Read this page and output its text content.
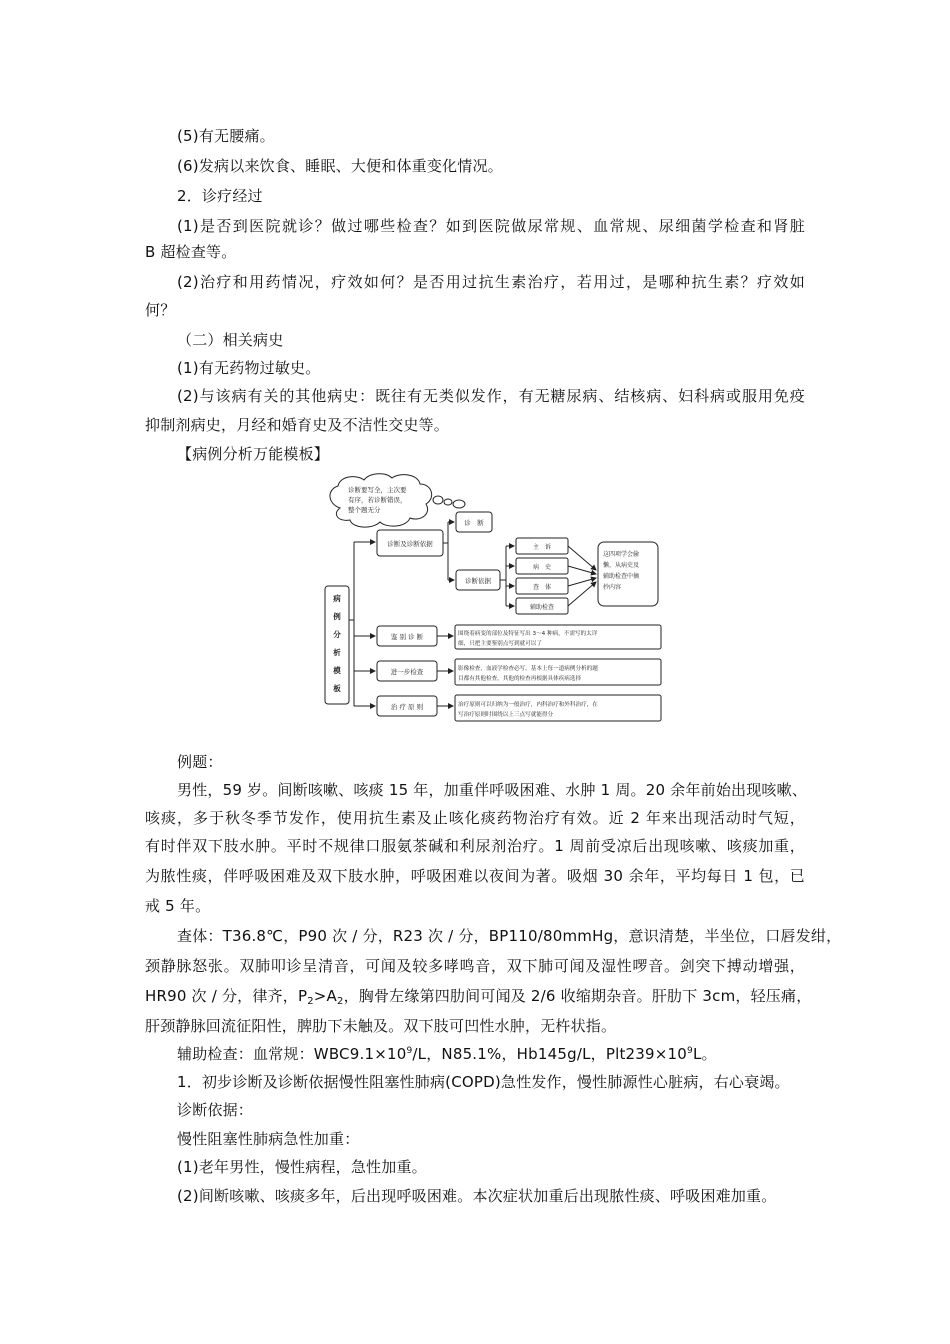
(5)有无腰痛。
(6)发病以来饮食、睡眠、大便和体重变化情况。
2．诊疗经过
(1)是否到医院就诊？做过哪些检查？如到医院做尿常规、血常规、尿细菌学检查和肾脏
B 超检查等。
(2)治疗和用药情况，疗效如何？是否用过抗生素治疗，若用过，是哪种抗生素？疗效如
何？
（二）相关病史
(1)有无药物过敏史。
(2)与该病有关的其他病史：既往有无类似发作，有无糖尿病、结核病、妇科病或服用免疫
抑制剂病史，月经和婚育史及不洁性交史等。
【病例分析万能模板】
诊断要写全，主次要
有序，若诊断错误，
整个题无分
病
例
分
析
模
板
诊断及诊断依据
诊　断
诊断依据
鉴 别 诊 断
进一步检查
治 疗 原 则
主　诉
病　史
查　体
辅助检查
这四项学会偷
懒，从病史及
辅助检查中摘
抄内容
围绕着病变的部位及特征写出 3～4 种病，不需写的太详
细，只把主要鉴别点写到就可以了
影像检查，血液学检查必写，基本上每一道病例分析的题
目都有其他检查，其他的检查再根据具体疾病选择
治疗原则可以归纳为一般治疗，内科治疗和外科治疗，在
写治疗原则时围绕以上三点写就能得分
例题：
男性，59 岁。间断咳嗽、咳痰 15 年，加重伴呼吸困难、水肿 1 周。20 余年前始出现咳嗽、
咳痰，多于秋冬季节发作，使用抗生素及止咳化痰药物治疗有效。近 2 年来出现活动时气短，
有时伴双下肢水肿。平时不规律口服氨茶碱和利尿剂治疗。1 周前受凉后出现咳嗽、咳痰加重，
为脓性痰，伴呼吸困难及双下肢水肿，呼吸困难以夜间为著。吸烟 30 余年，平均每日 1 包，已
戒 5 年。
查体：T36.8℃，P90 次 / 分，R23 次 / 分，BP110/80mmHg，意识清楚，半坐位，口唇发绀，
颈静脉怒张。双肺叩诊呈清音，可闻及较多哮鸣音，双下肺可闻及湿性啰音。剑突下搏动增强，
HR90 次 / 分，律齐，$P_2>A_2$，胸骨左缘第四肋间可闻及 2/6 收缩期杂音。肝肋下 3cm，轻压痛，
肝颈静脉回流征阳性，脾肋下未触及。双下肢可凹性水肿，无杵状指。
辅助检查：血常规：$WBC9.1\times 10^9/L$，N85.1%，Hb145g/L，$Plt239\times 10^9L$。
1．初步诊断及诊断依据慢性阻塞性肺病(COPD)急性发作，慢性肺源性心脏病，右心衰竭。
诊断依据：
慢性阻塞性肺病急性加重：
(1)老年男性，慢性病程，急性加重。
(2)间断咳嗽、咳痰多年，后出现呼吸困难。本次症状加重后出现脓性痰、呼吸困难加重。
